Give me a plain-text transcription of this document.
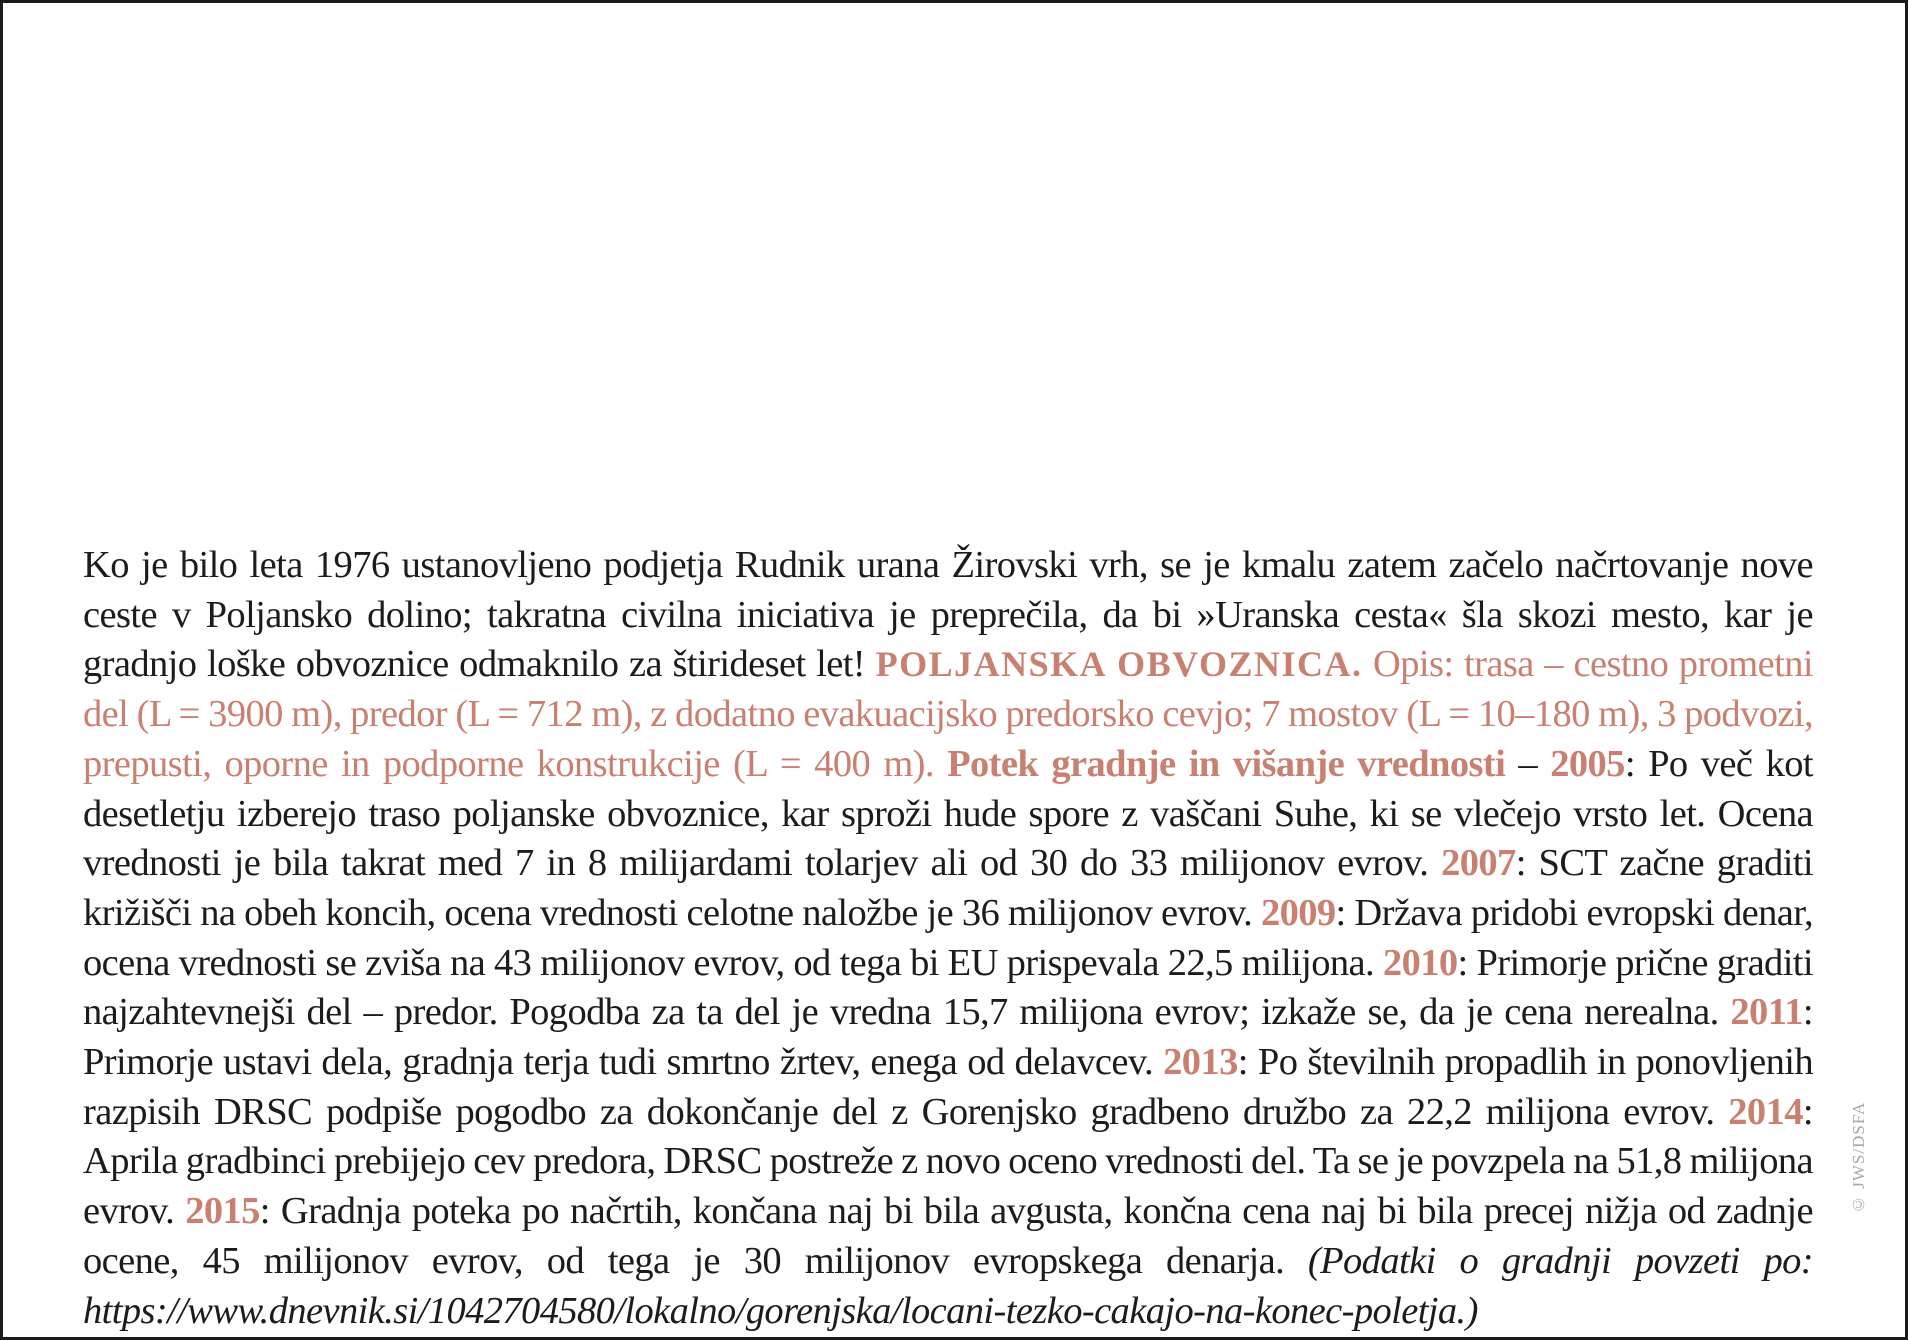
Ko je bilo leta 1976 ustanovljeno podjetja Rudnik urana Žirovski vrh, se je kmalu zatem začelo načrtovanje nove ceste v Poljansko dolino; takratna civilna iniciativa je preprečila, da bi »Uranska cesta« šla skozi mesto, kar je gradnjo loške obvoznice odmaknilo za štirideset let! POLJANSKA OBVOZNICA. Opis: trasa – cestno prometni del (L = 3900 m), predor (L = 712 m), z dodatno evakuacijsko predorsko cevjo; 7 mostov (L = 10–180 m), 3 podvozi, prepusti, oporne in podporne konstrukcije (L = 400 m). Potek gradnje in višanje vrednosti – 2005: Po več kot desetletju izberejo traso poljanske obvoznice, kar sproži hude spore z vaščani Suhe, ki se vlečejo vrsto let. Ocena vrednosti je bila takrat med 7 in 8 milijardami tolarjev ali od 30 do 33 milijonov evrov. 2007: SCT začne graditi križišči na obeh koncih, ocena vrednosti celotne naložbe je 36 milijonov evrov. 2009: Država pridobi evropski denar, ocena vrednosti se zviša na 43 milijonov evrov, od tega bi EU prispevala 22,5 milijona. 2010: Primorje prične graditi najzahtevnejši del – predor. Pogodba za ta del je vredna 15,7 milijona evrov; izkaže se, da je cena nerealna. 2011: Primorje ustavi dela, gradnja terja tudi smrtno žrtev, enega od delavcev. 2013: Po številnih propadlih in ponovljenih razpisih DRSC podpiše pogodbo za dokončanje del z Gorenjsko gradbeno družbo za 22,2 milijona evrov. 2014: Aprila gradbinci prebijejo cev predora, DRSC postreže z novo oceno vrednosti del. Ta se je povzpela na 51,8 milijona evrov. 2015: Gradnja poteka po načrtih, končana naj bi bila avgusta, končna cena naj bi bila precej nižja od zadnje ocene, 45 milijonov evrov, od tega je 30 milijonov evropskega denarja. (Podatki o gradnji povzeti po: https://www.dnevnik.si/1042704580/lokalno/gorenjska/locani-tezko-cakajo-na-konec-poletja.)

© JWS/DSFA
